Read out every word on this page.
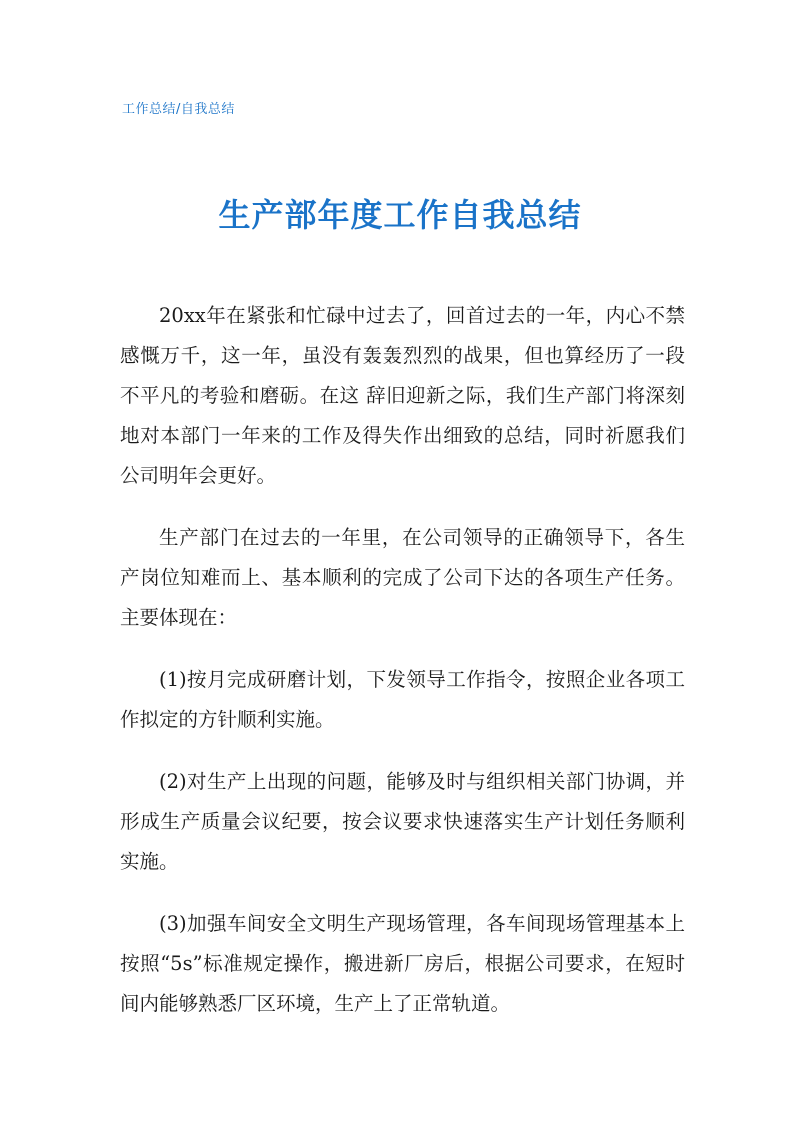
工作总结/自我总结
生产部年度工作自我总结

20xx年在紧张和忙碌中过去了，回首过去的一年，内心不禁感慨万千，这一年，虽没有轰轰烈烈的战果，但也算经历了一段不平凡的考验和磨砺。在这 辞旧迎新之际，我们生产部门将深刻地对本部门一年来的工作及得失作出细致的总结，同时祈愿我们公司明年会更好。

生产部门在过去的一年里，在公司领导的正确领导下，各生产岗位知难而上、基本顺利的完成了公司下达的各项生产任务。主要体现在：

(1)按月完成研磨计划，下发领导工作指令，按照企业各项工作拟定的方针顺利实施。

(2)对生产上出现的问题，能够及时与组织相关部门协调，并形成生产质量会议纪要，按会议要求快速落实生产计划任务顺利实施。

(3)加强车间安全文明生产现场管理，各车间现场管理基本上按照“5s”标准规定操作，搬进新厂房后，根据公司要求，在短时间内能够熟悉厂区环境，生产上了正常轨道。
